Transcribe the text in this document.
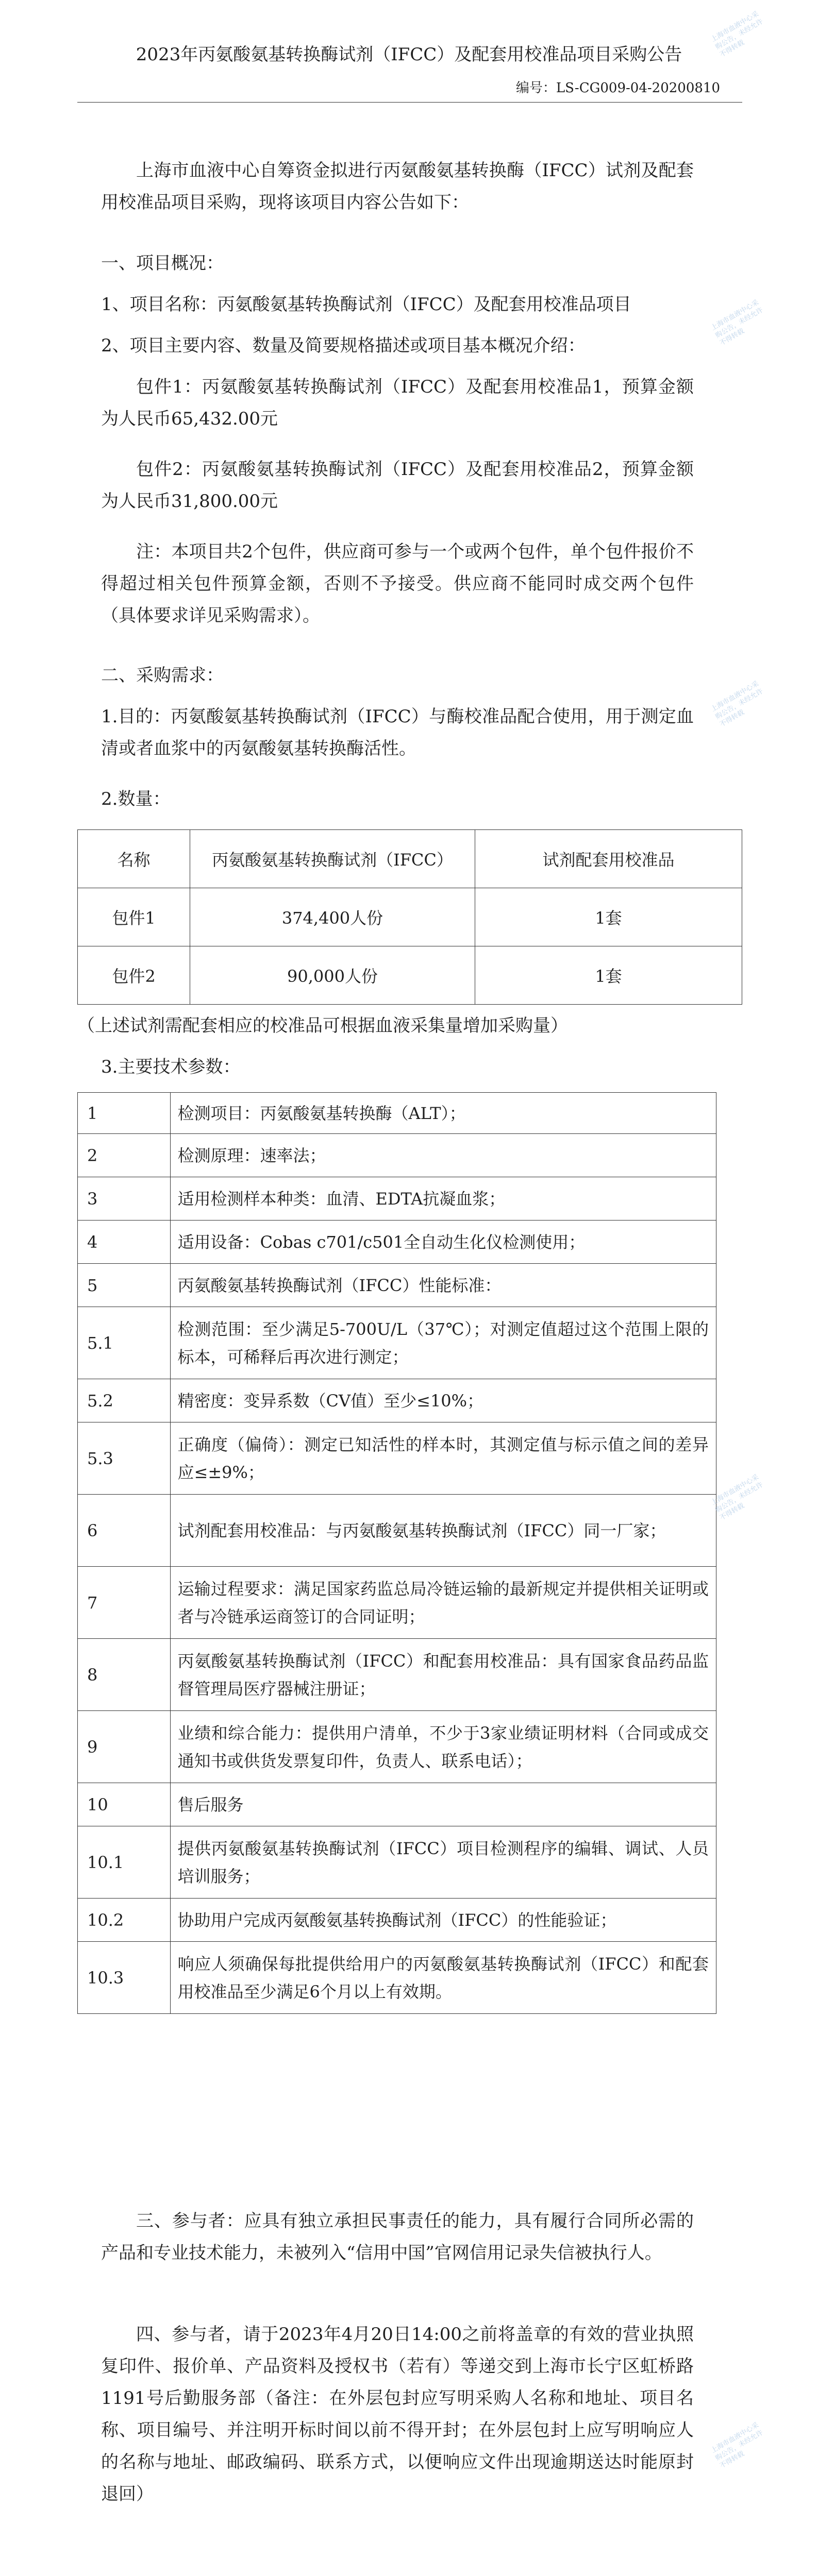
2023年丙氨酸氨基转换酶试剂（IFCC）及配套用校准品项目采购公告
编号：LS-CG009-04-20200810
上海市血液中心自筹资金拟进行丙氨酸氨基转换酶（IFCC）试剂及配套用校准品项目采购，现将该项目内容公告如下：
一、项目概况：
1、项目名称：丙氨酸氨基转换酶试剂（IFCC）及配套用校准品项目
2、项目主要内容、数量及简要规格描述或项目基本概况介绍：
包件1：丙氨酸氨基转换酶试剂（IFCC）及配套用校准品1，预算金额为人民币65,432.00元
包件2：丙氨酸氨基转换酶试剂（IFCC）及配套用校准品2，预算金额为人民币31,800.00元
注：本项目共2个包件，供应商可参与一个或两个包件，单个包件报价不得超过相关包件预算金额，否则不予接受。供应商不能同时成交两个包件（具体要求详见采购需求）。
二、采购需求：
1.目的：丙氨酸氨基转换酶试剂（IFCC）与酶校准品配合使用，用于测定血清或者血浆中的丙氨酸氨基转换酶活性。
2.数量：
名称	丙氨酸氨基转换酶试剂（IFCC）	试剂配套用校准品
包件1	374,400人份	1套
包件2	90,000人份	1套
（上述试剂需配套相应的校准品可根据血液采集量增加采购量）
3.主要技术参数：
1	检测项目：丙氨酸氨基转换酶（ALT）；
2	检测原理：速率法；
3	适用检测样本种类：血清、EDTA抗凝血浆；
4	适用设备：Cobas c701/c501全自动生化仪检测使用；
5	丙氨酸氨基转换酶试剂（IFCC）性能标准：
5.1	检测范围：至少满足5-700U/L（37℃）；对测定值超过这个范围上限的标本，可稀释后再次进行测定；
5.2	精密度：变异系数（CV值）至少≤10%；
5.3	正确度（偏倚）：测定已知活性的样本时，其测定值与标示值之间的差异应≤±9%；
6	试剂配套用校准品：与丙氨酸氨基转换酶试剂（IFCC）同一厂家；
7	运输过程要求：满足国家药监总局冷链运输的最新规定并提供相关证明或者与冷链承运商签订的合同证明；
8	丙氨酸氨基转换酶试剂（IFCC）和配套用校准品：具有国家食品药品监督管理局医疗器械注册证；
9	业绩和综合能力：提供用户清单，不少于3家业绩证明材料（合同或成交通知书或供货发票复印件，负责人、联系电话）；
10	售后服务
10.1	提供丙氨酸氨基转换酶试剂（IFCC）项目检测程序的编辑、调试、人员培训服务；
10.2	协助用户完成丙氨酸氨基转换酶试剂（IFCC）的性能验证；
10.3	响应人须确保每批提供给用户的丙氨酸氨基转换酶试剂（IFCC）和配套用校准品至少满足6个月以上有效期。
三、参与者：应具有独立承担民事责任的能力，具有履行合同所必需的产品和专业技术能力，未被列入“信用中国”官网信用记录失信被执行人。
四、参与者，请于2023年4月20日14:00之前将盖章的有效的营业执照复印件、报价单、产品资料及授权书（若有）等递交到上海市长宁区虹桥路1191号后勤服务部（备注：在外层包封应写明采购人名称和地址、项目名称、项目编号、并注明开标时间以前不得开封；在外层包封上应写明响应人的名称与地址、邮政编码、联系方式，以便响应文件出现逾期送达时能原封退回）
上海市血液中心采购公告，未经允许不得转载
上海市血液中心采购公告，未经允许不得转载
上海市血液中心采购公告，未经允许不得转载
上海市血液中心采购公告，未经允许不得转载
上海市血液中心采购公告，未经允许不得转载
